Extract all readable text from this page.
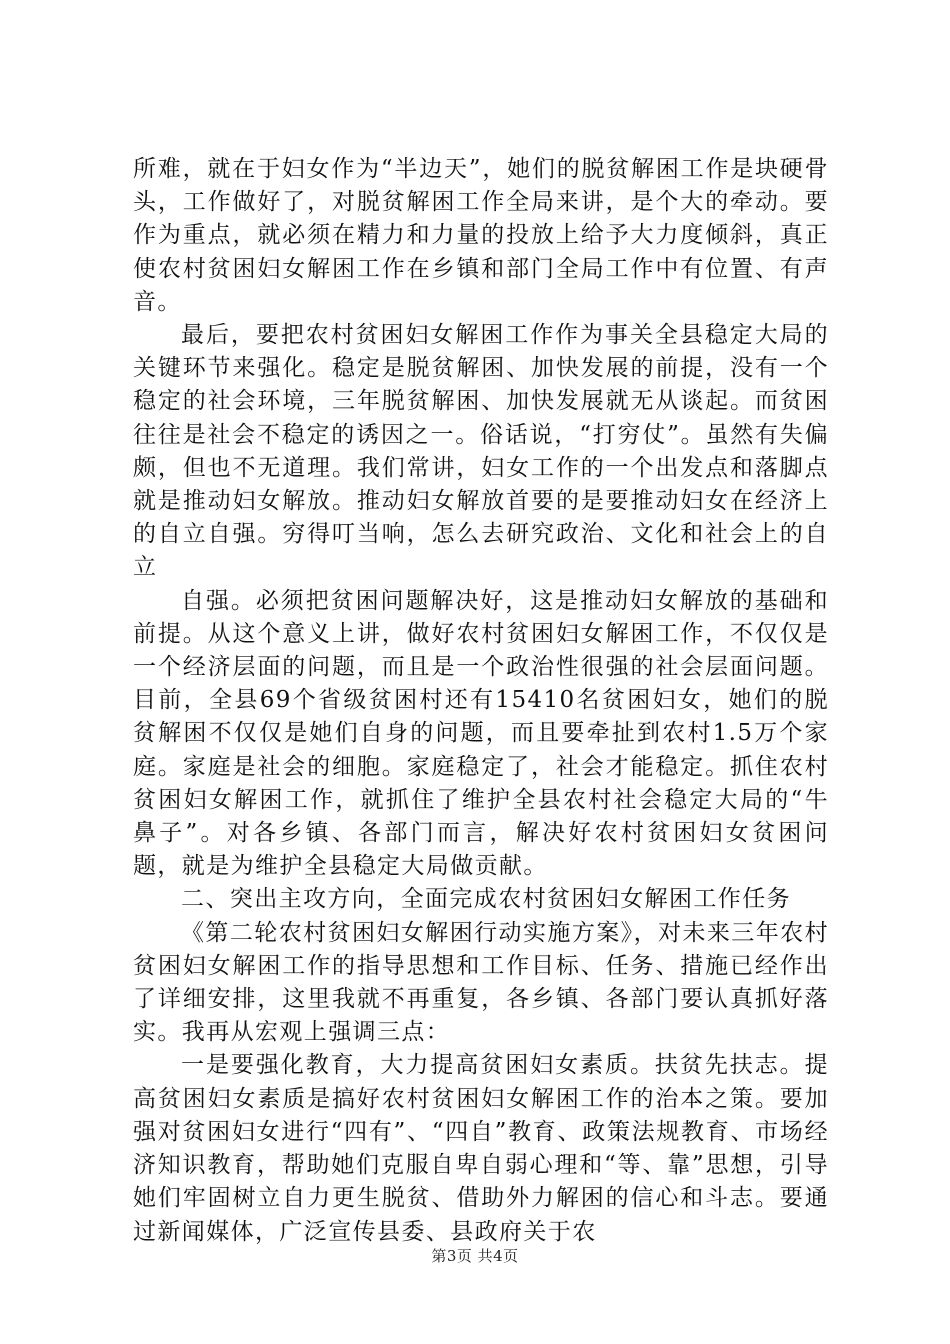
所难，就在于妇女作为“半边天”，她们的脱贫解困工作是块硬骨头，工作做好了，对脱贫解困工作全局来讲，是个大的牵动。要作为重点，就必须在精力和力量的投放上给予大力度倾斜，真正使农村贫困妇女解困工作在乡镇和部门全局工作中有位置、有声音。

最后，要把农村贫困妇女解困工作作为事关全县稳定大局的关键环节来强化。稳定是脱贫解困、加快发展的前提，没有一个稳定的社会环境，三年脱贫解困、加快发展就无从谈起。而贫困往往是社会不稳定的诱因之一。俗话说，“打穷仗”。虽然有失偏颇，但也不无道理。我们常讲，妇女工作的一个出发点和落脚点就是推动妇女解放。推动妇女解放首要的是要推动妇女在经济上的自立自强。穷得叮当响，怎么去研究政治、文化和社会上的自立

自强。必须把贫困问题解决好，这是推动妇女解放的基础和前提。从这个意义上讲，做好农村贫困妇女解困工作，不仅仅是一个经济层面的问题，而且是一个政治性很强的社会层面问题。目前，全县69个省级贫困村还有15410名贫困妇女，她们的脱贫解困不仅仅是她们自身的问题，而且要牵扯到农村1.5万个家庭。家庭是社会的细胞。家庭稳定了，社会才能稳定。抓住农村贫困妇女解困工作，就抓住了维护全县农村社会稳定大局的“牛鼻子”。对各乡镇、各部门而言，解决好农村贫困妇女贫困问题，就是为维护全县稳定大局做贡献。

二、突出主攻方向，全面完成农村贫困妇女解困工作任务

《第二轮农村贫困妇女解困行动实施方案》，对未来三年农村贫困妇女解困工作的指导思想和工作目标、任务、措施已经作出了详细安排，这里我就不再重复，各乡镇、各部门要认真抓好落实。我再从宏观上强调三点：

一是要强化教育，大力提高贫困妇女素质。扶贫先扶志。提高贫困妇女素质是搞好农村贫困妇女解困工作的治本之策。要加强对贫困妇女进行“四有”、“四自”教育、政策法规教育、市场经济知识教育，帮助她们克服自卑自弱心理和“等、靠”思想，引导她们牢固树立自力更生脱贫、借助外力解困的信心和斗志。要通过新闻媒体，广泛宣传县委、县政府关于农

第3页 共4页
